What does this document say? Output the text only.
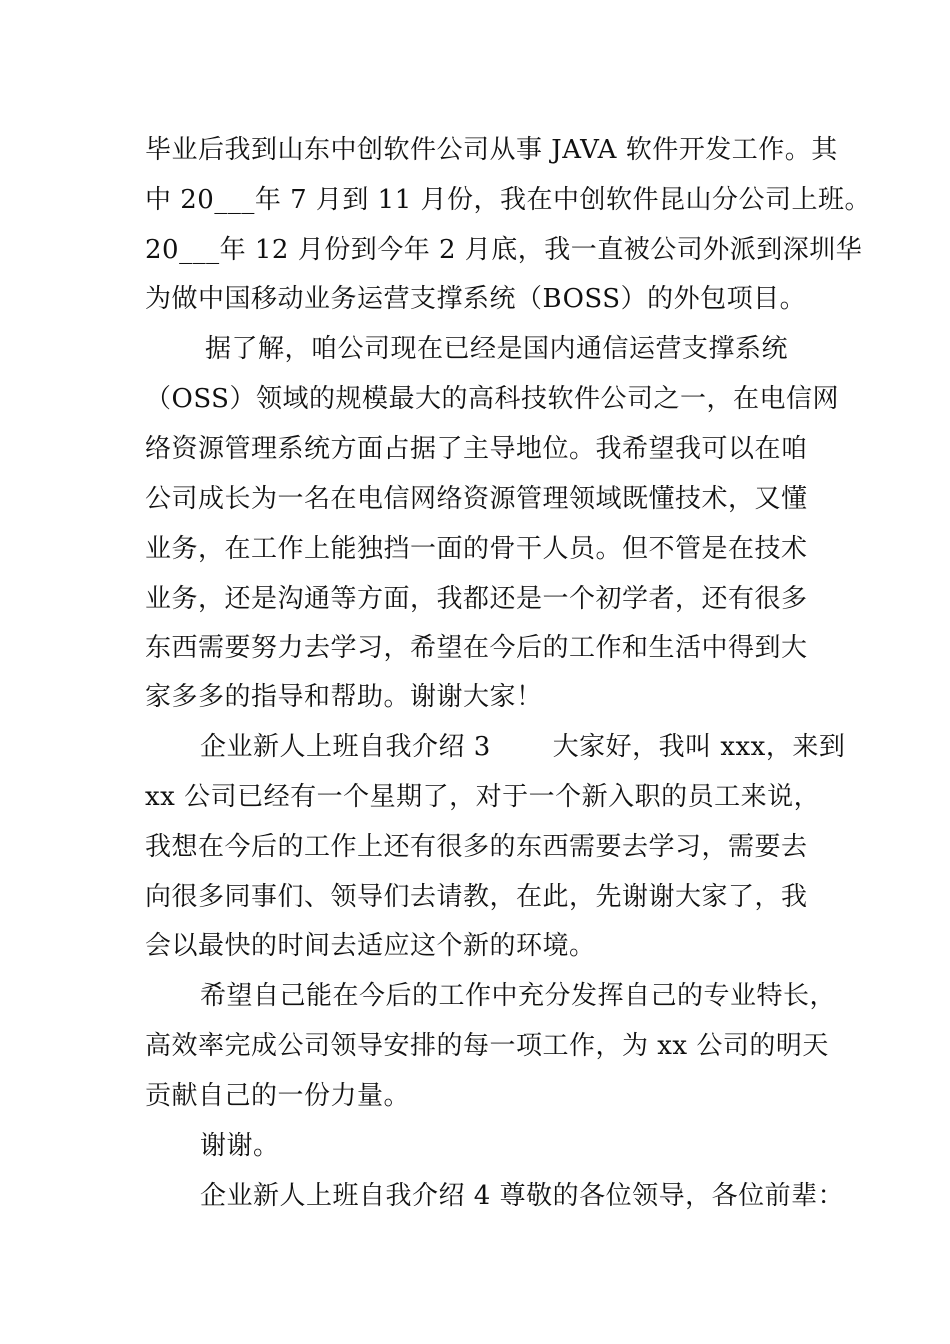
毕业后我到山东中创软件公司从事 JAVA 软件开发工作。其
中 20___年 7 月到 11 月份，我在中创软件昆山分公司上班。
20___年 12 月份到今年 2 月底，我一直被公司外派到深圳华
为做中国移动业务运营支撑系统（BOSS）的外包项目。
据了解，咱公司现在已经是国内通信运营支撑系统
（OSS）领域的规模最大的高科技软件公司之一，在电信网
络资源管理系统方面占据了主导地位。我希望我可以在咱
公司成长为一名在电信网络资源管理领域既懂技术，又懂
业务，在工作上能独挡一面的骨干人员。但不管是在技术
业务，还是沟通等方面，我都还是一个初学者，还有很多
东西需要努力去学习，希望在今后的工作和生活中得到大
家多多的指导和帮助。谢谢大家！
企业新人上班自我介绍 3 　　大家好，我叫 xxx，来到
xx 公司已经有一个星期了，对于一个新入职的员工来说，
我想在今后的工作上还有很多的东西需要去学习，需要去
向很多同事们、领导们去请教，在此，先谢谢大家了，我
会以最快的时间去适应这个新的环境。
希望自己能在今后的工作中充分发挥自己的专业特长，
高效率完成公司领导安排的每一项工作，为 xx 公司的明天
贡献自己的一份力量。
谢谢。
企业新人上班自我介绍 4 尊敬的各位领导，各位前辈：
